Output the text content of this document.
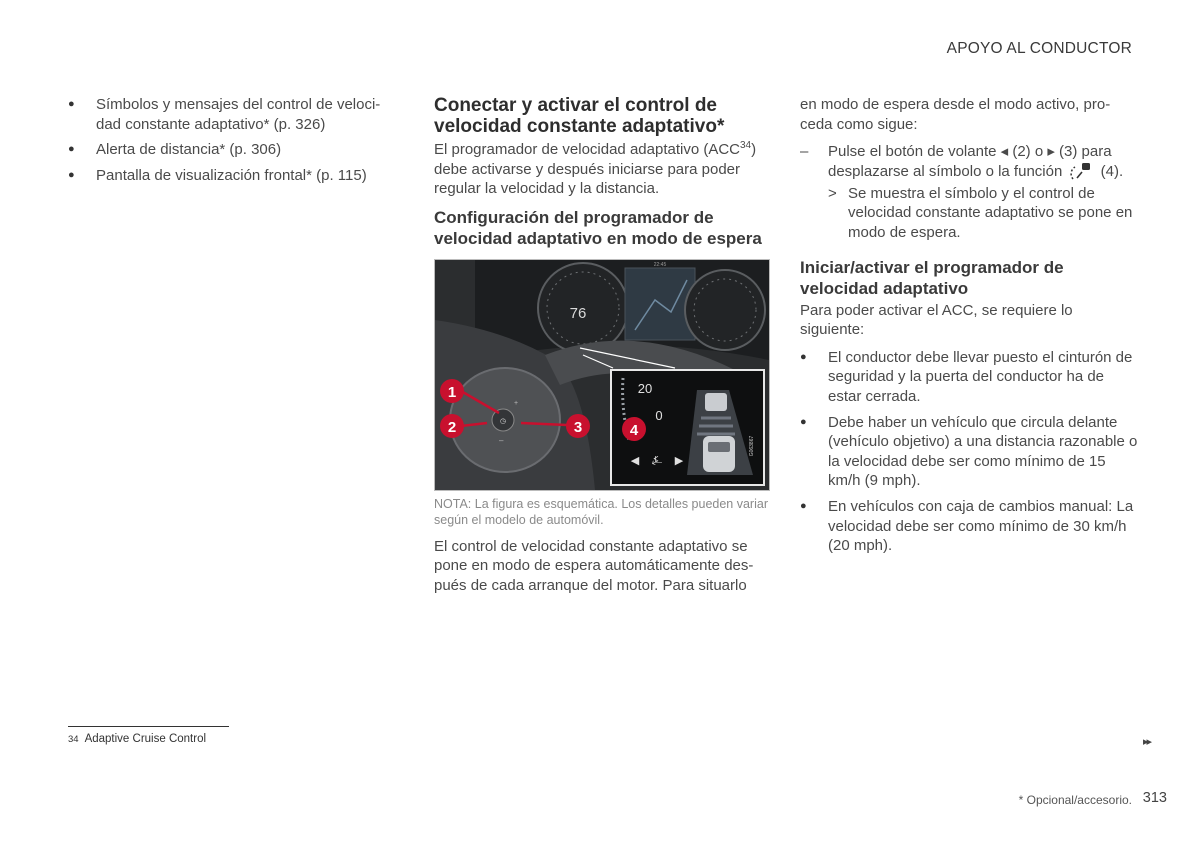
APOYO AL CONDUCTOR
● Símbolos y mensajes del control de veloci-dad constante adaptativo* (p. 326)
● Alerta de distancia* (p. 306)
● Pantalla de visualización frontal* (p. 115)
Conectar y activar el control de velocidad constante adaptativo*

El programador de velocidad adaptativo (ACC$^{34}$) debe activarse y después iniciarse para poder regular la velocidad y la distancia.

Configuración del programador de velocidad adaptativo en modo de espera
76
22:45
◷
+
–
1
2	3
20
0
◀ ⍼ ▶
G063867
4

NOTA: La figura es esquemática. Los detalles pueden variar según el modelo de automóvil.

El control de velocidad constante adaptativo se pone en modo de espera automáticamente des-pués de cada arranque del motor. Para situarlo

en modo de espera desde el modo activo, pro-ceda como sigue:

– Pulse el botón de volante ◂ (2) o ▸ (3) para desplazarse al símbolo o la función	(4).
> Se muestra el símbolo y el control de velocidad constante adaptativo se pone en modo de espera.
Iniciar/activar el programador de velocidad adaptativo

Para poder activar el ACC, se requiere lo siguiente:

● El conductor debe llevar puesto el cinturón de seguridad y la puerta del conductor ha de estar cerrada.
● Debe haber un vehículo que circula delante (vehículo objetivo) a una distancia razonable o la velocidad debe ser como mínimo de 15 km/h (9 mph).
● En vehículos con caja de cambios manual: La velocidad debe ser como mínimo de 30 km/h (20 mph).
34 Adaptive Cruise Control	▸▸
* Opcional/accesorio. 313
